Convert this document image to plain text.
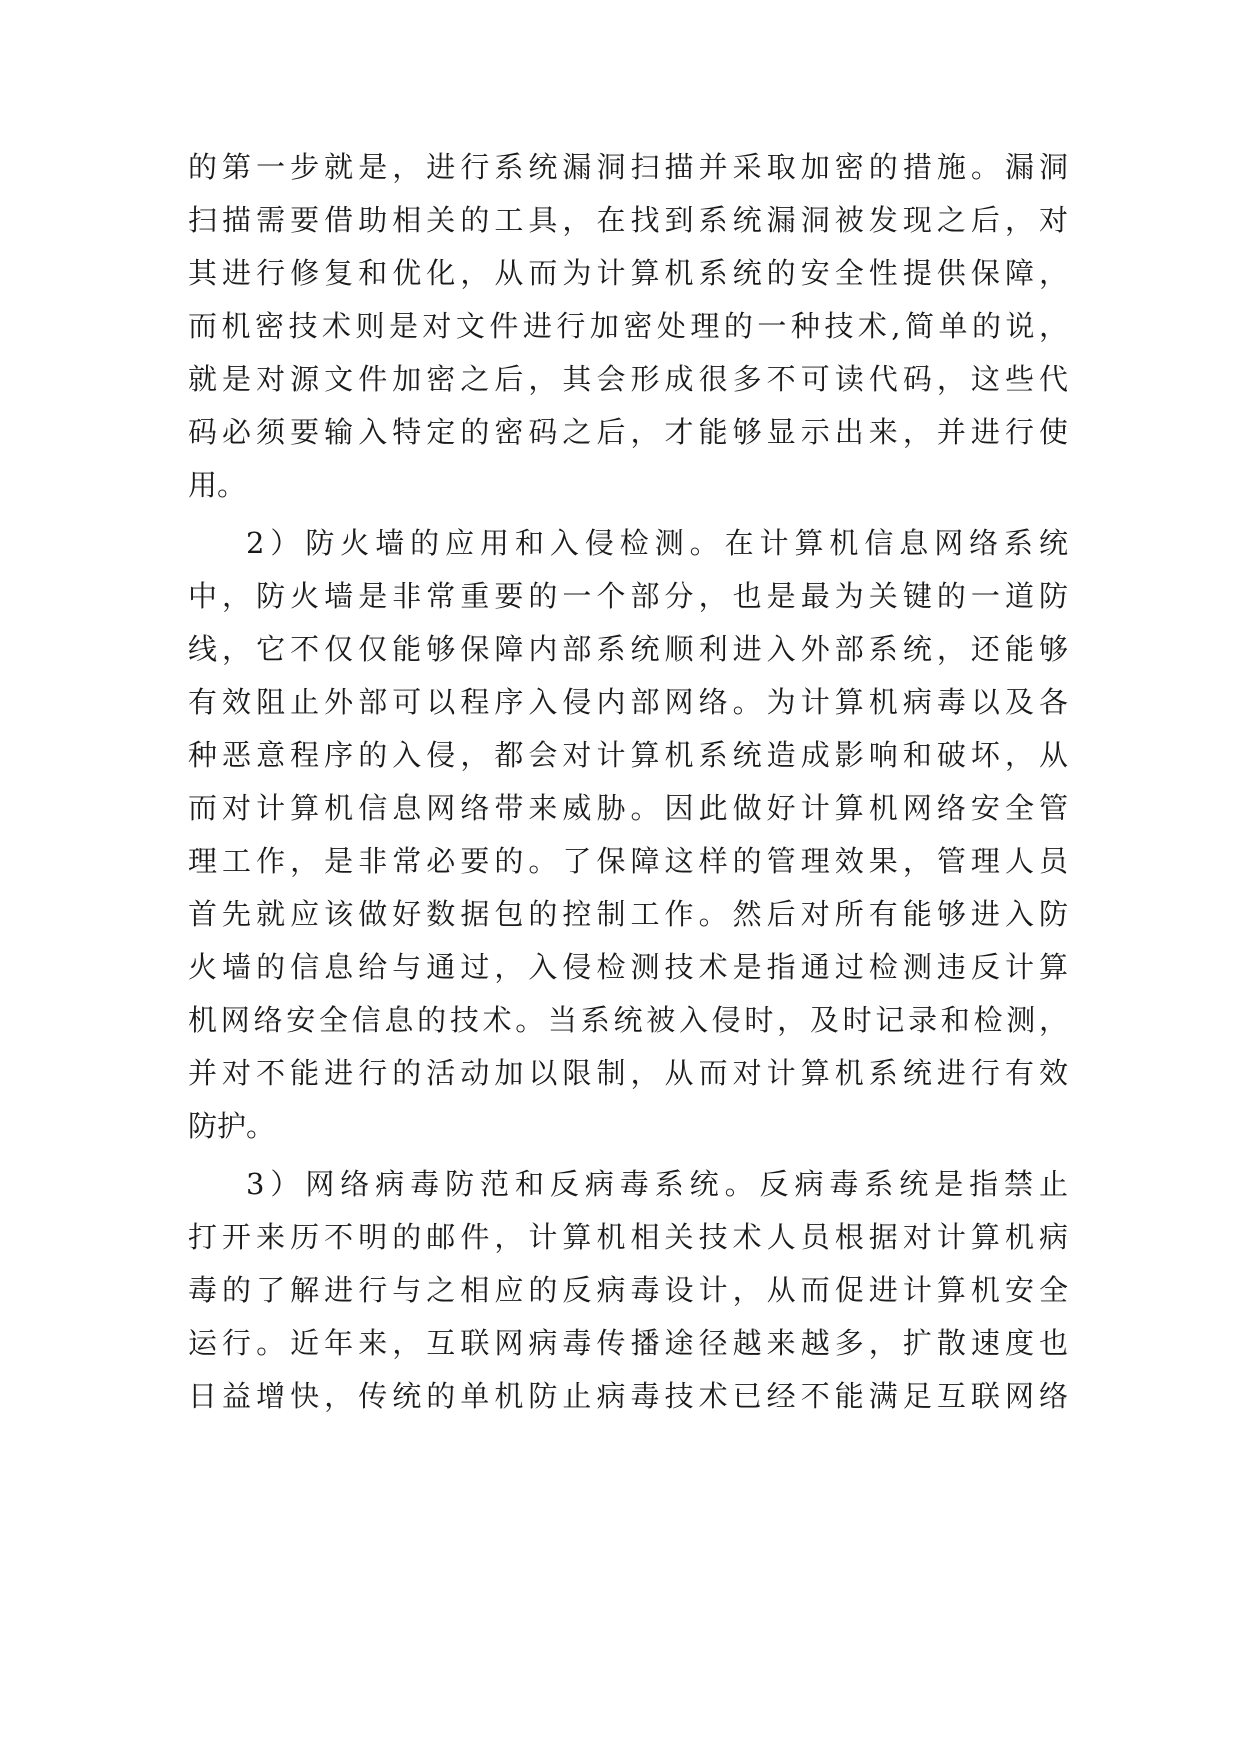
的第一步就是，进行系统漏洞扫描并采取加密的措施。漏洞
扫描需要借助相关的工具，在找到系统漏洞被发现之后，对
其进行修复和优化，从而为计算机系统的安全性提供保障，
而机密技术则是对文件进行加密处理的一种技术,简单的说，
就是对源文件加密之后，其会形成很多不可读代码，这些代
码必须要输入特定的密码之后，才能够显示出来，并进行使
用。
2）防火墙的应用和入侵检测。在计算机信息网络系统
中，防火墙是非常重要的一个部分，也是最为关键的一道防
线，它不仅仅能够保障内部系统顺利进入外部系统，还能够
有效阻止外部可以程序入侵内部网络。为计算机病毒以及各
种恶意程序的入侵，都会对计算机系统造成影响和破坏，从
而对计算机信息网络带来威胁。因此做好计算机网络安全管
理工作，是非常必要的。了保障这样的管理效果，管理人员
首先就应该做好数据包的控制工作。然后对所有能够进入防
火墙的信息给与通过，入侵检测技术是指通过检测违反计算
机网络安全信息的技术。当系统被入侵时，及时记录和检测，
并对不能进行的活动加以限制，从而对计算机系统进行有效
防护。
3）网络病毒防范和反病毒系统。反病毒系统是指禁止
打开来历不明的邮件，计算机相关技术人员根据对计算机病
毒的了解进行与之相应的反病毒设计，从而促进计算机安全
运行。近年来，互联网病毒传播途径越来越多，扩散速度也
日益增快，传统的单机防止病毒技术已经不能满足互联网络
